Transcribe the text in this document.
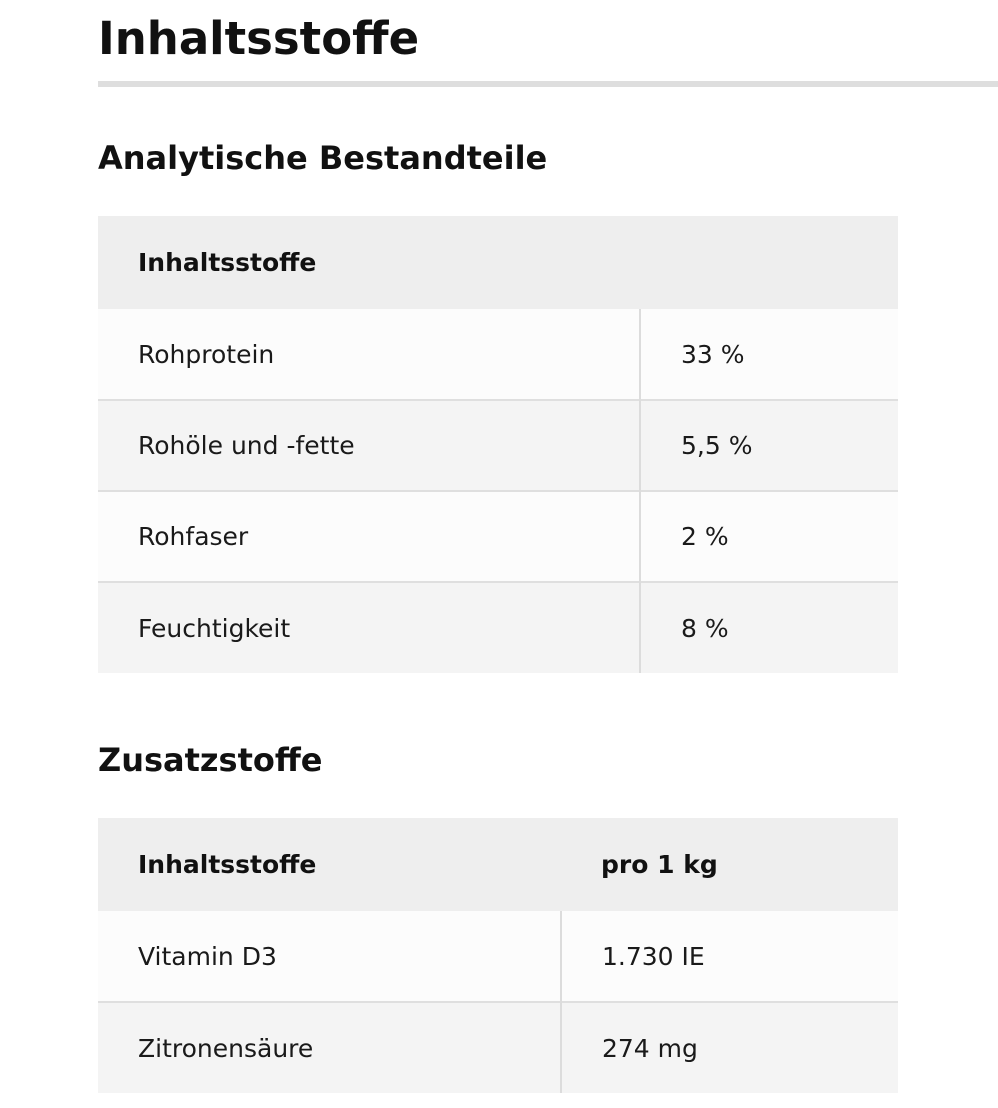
Inhaltsstoffe
Analytische Bestandteile
Inhaltsstoffe	
Rohprotein	33 %
Rohöle und -fette	5,5 %
Rohfaser	2 %
Feuchtigkeit	8 %
Zusatzstoffe
Inhaltsstoffe	pro 1 kg
Vitamin D3	1.730 IE
Zitronensäure	274 mg
